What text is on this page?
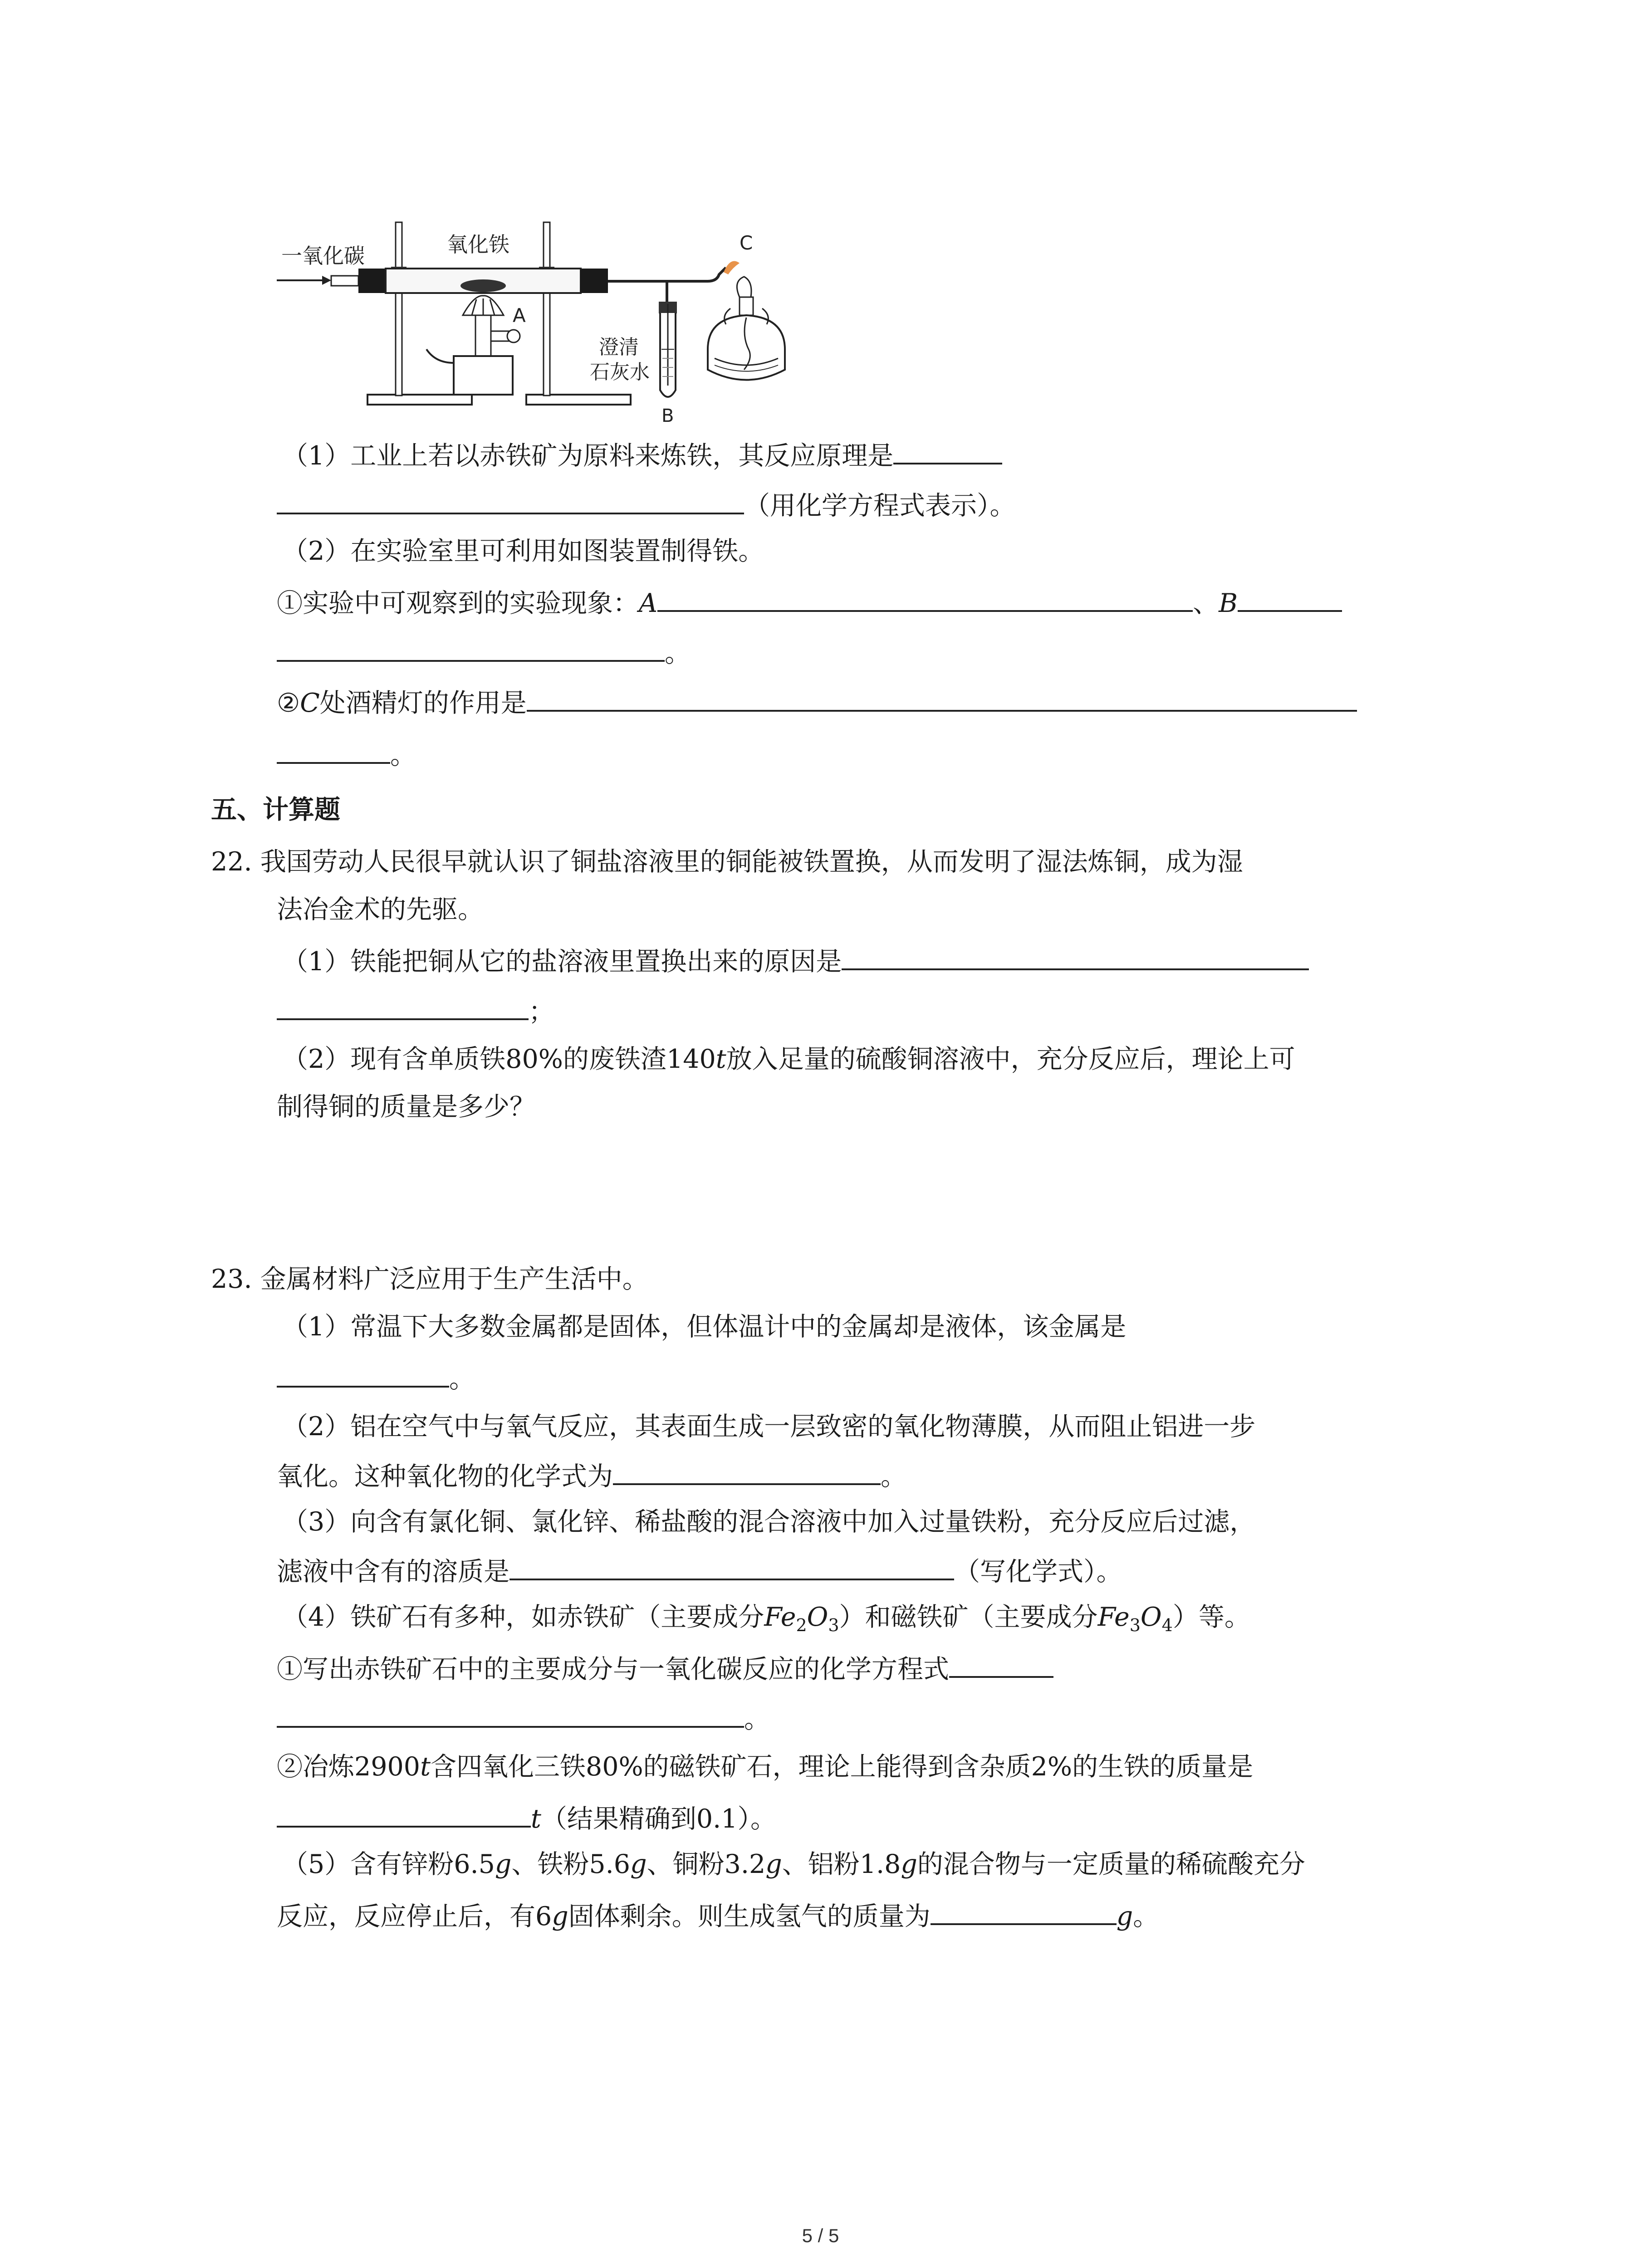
一氧化碳	氧化铁
A
澄清
石灰水
B
C
（1）工业上若以赤铁矿为原料来炼铁，其反应原理是
（用化学方程式表示）。
（2）在实验室里可利用如图装置制得铁。
①实验中可观察到的实验现象：A	、B
。
②C处酒精灯的作用是
。
五、计算题
22. 我国劳动人民很早就认识了铜盐溶液里的铜能被铁置换，从而发明了湿法炼铜，成为湿
法冶金术的先驱。
（1）铁能把铜从它的盐溶液里置换出来的原因是
；
（2）现有含单质铁80%的废铁渣140t放入足量的硫酸铜溶液中，充分反应后，理论上可
制得铜的质量是多少？
23. 金属材料广泛应用于生产生活中。
（1）常温下大多数金属都是固体，但体温计中的金属却是液体，该金属是
。
（2）铝在空气中与氧气反应，其表面生成一层致密的氧化物薄膜，从而阻止铝进一步
氧化。这种氧化物的化学式为	。
（3）向含有氯化铜、氯化锌、稀盐酸的混合溶液中加入过量铁粉，充分反应后过滤，
滤液中含有的溶质是	（写化学式）。
（4）铁矿石有多种，如赤铁矿（主要成分$Fe_2O_3$）和磁铁矿（主要成分$Fe_3O_4$）等。
①写出赤铁矿石中的主要成分与一氧化碳反应的化学方程式
。
②冶炼2900t含四氧化三铁80%的磁铁矿石，理论上能得到含杂质2%的生铁的质量是
t（结果精确到0.1）。
（5）含有锌粉6.5g、铁粉5.6g、铜粉3.2g、铝粉1.8g的混合物与一定质量的稀硫酸充分
反应，反应停止后，有6g固体剩余。则生成氢气的质量为	g。
5 / 5
